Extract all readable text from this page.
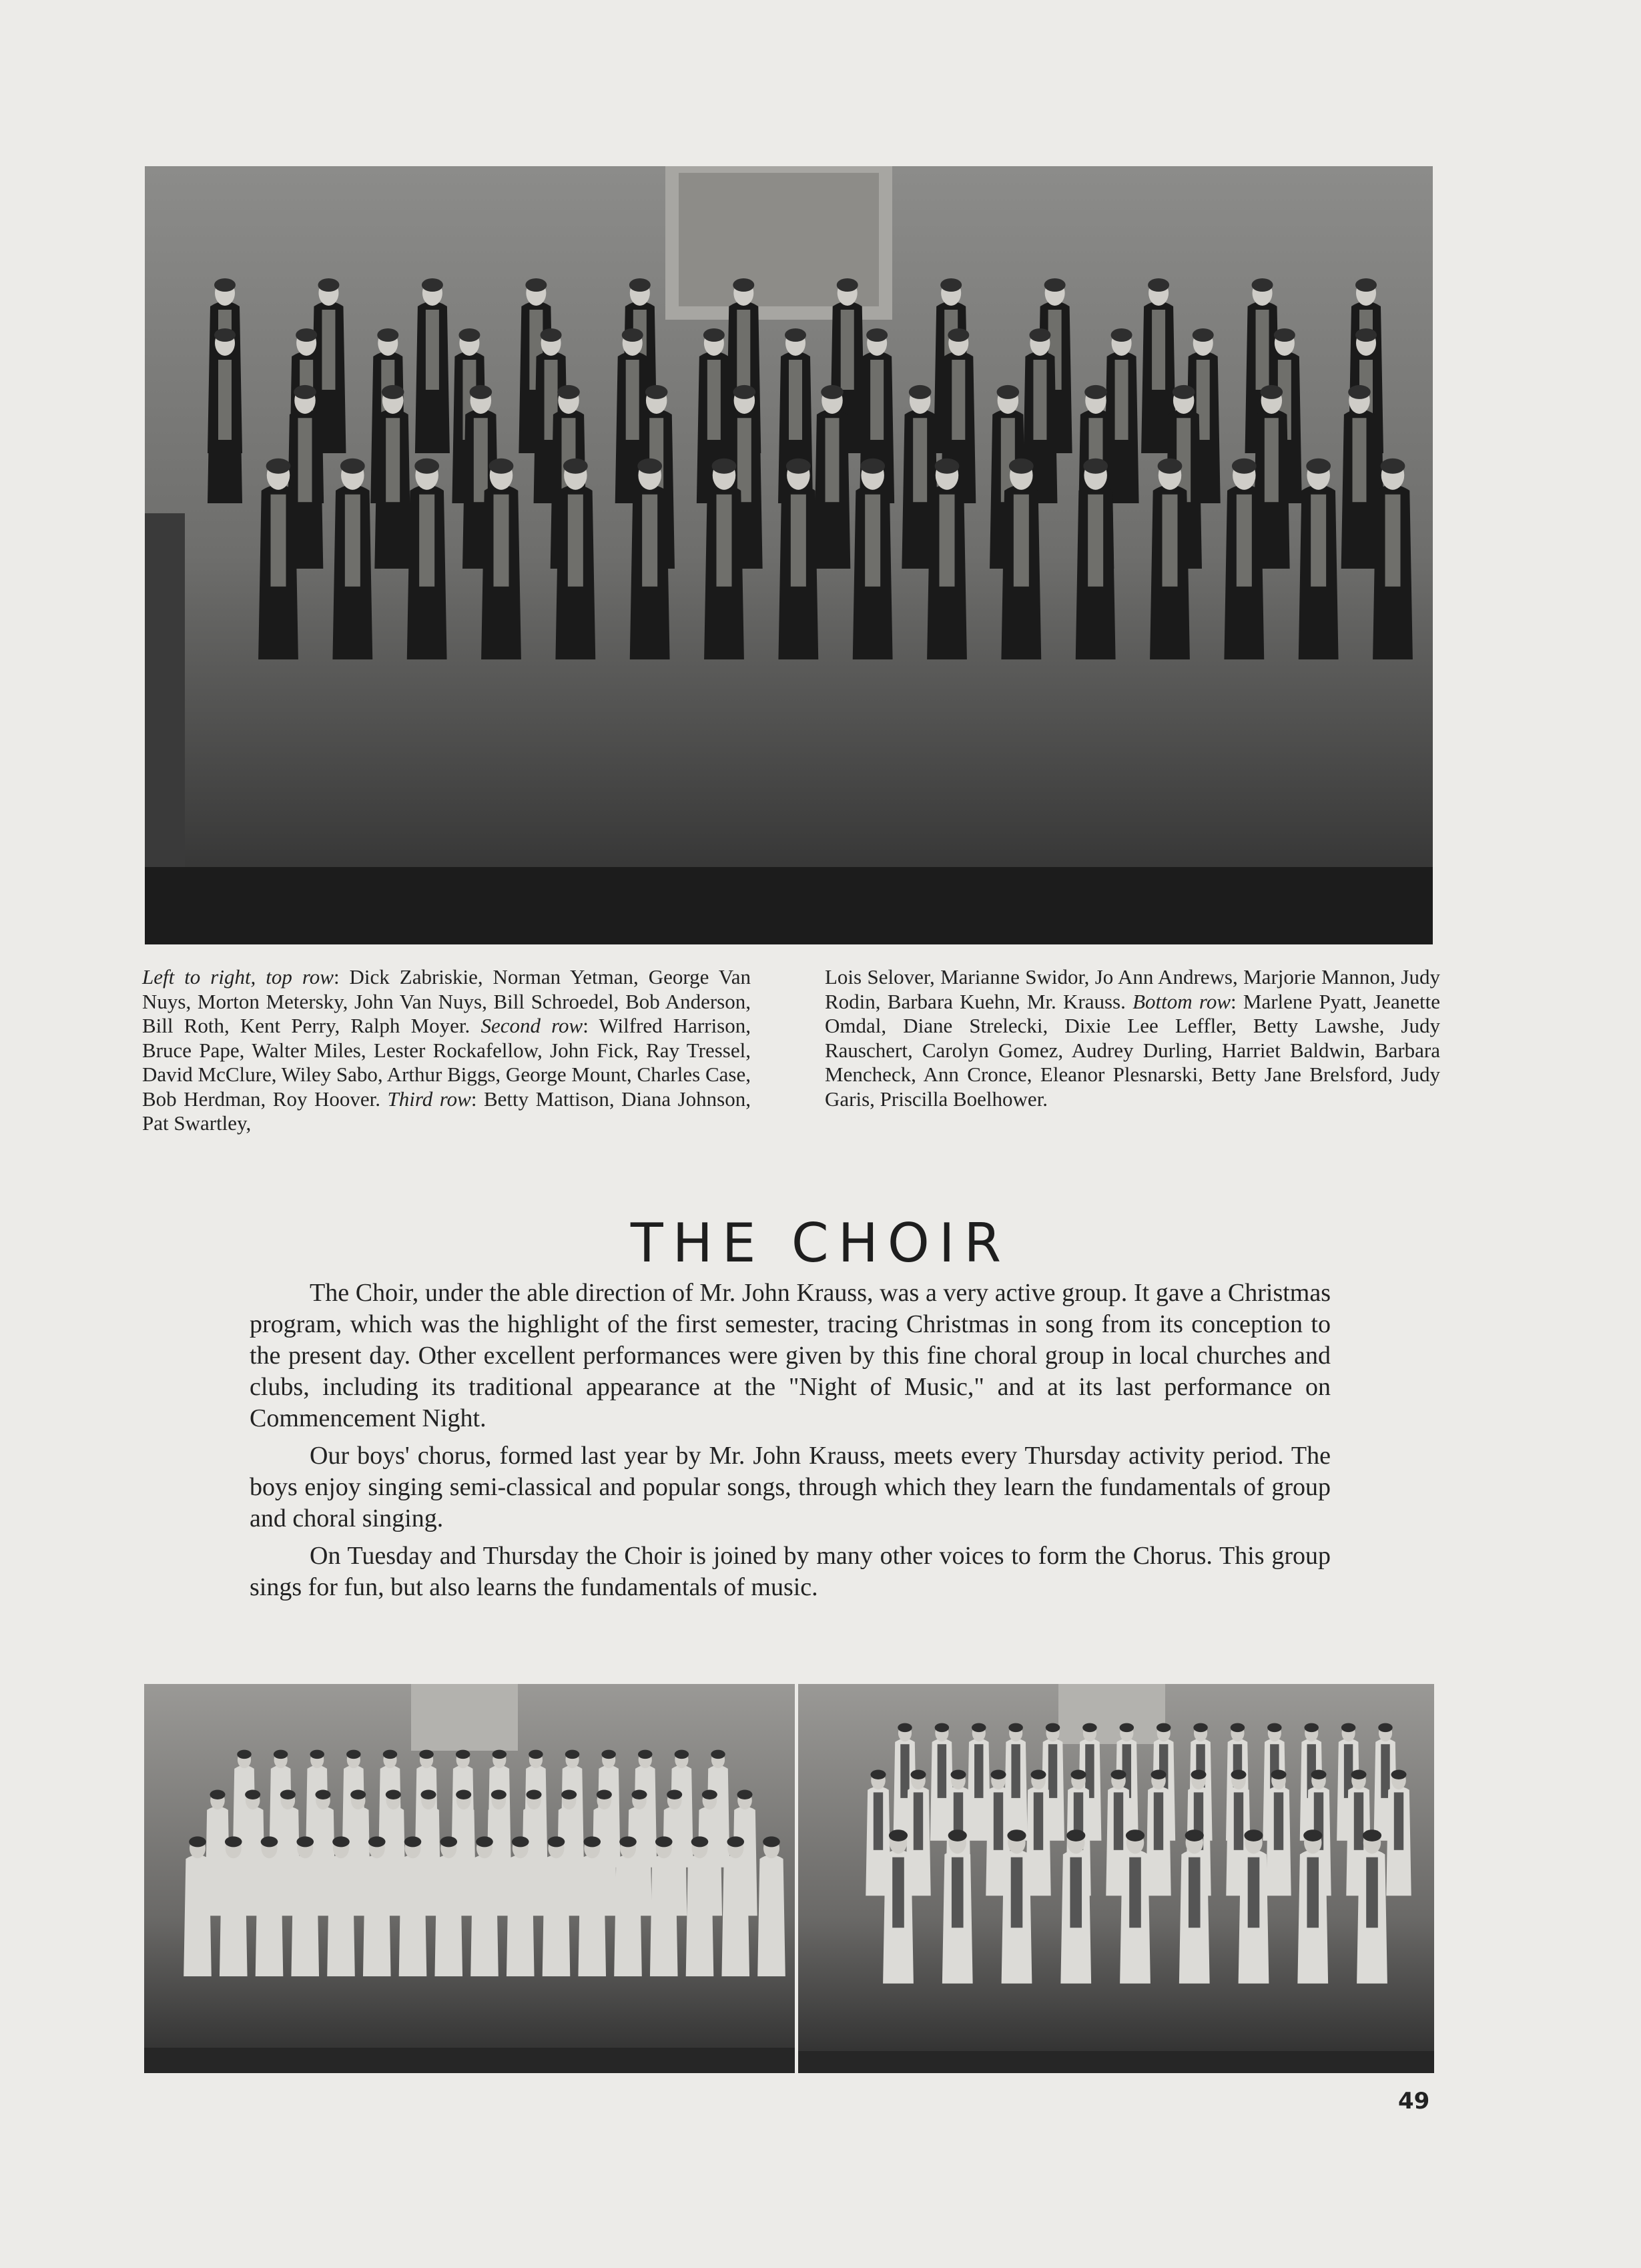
Left to right, top row: Dick Zabriskie, Norman Yetman, George Van Nuys, Morton Metersky, John Van Nuys, Bill Schroedel, Bob Anderson, Bill Roth, Kent Perry, Ralph Moyer. Second row: Wilfred Harrison, Bruce Pape, Walter Miles, Lester Rockafellow, John Fick, Ray Tressel, David McClure, Wiley Sabo, Arthur Biggs, George Mount, Charles Case, Bob Herdman, Roy Hoover. Third row: Betty Mattison, Diana Johnson, Pat Swartley,
Lois Selover, Marianne Swidor, Jo Ann Andrews, Marjorie Mannon, Judy Rodin, Barbara Kuehn, Mr. Krauss. Bottom row: Marlene Pyatt, Jeanette Omdal, Diane Strelecki, Dixie Lee Leffler, Betty Lawshe, Judy Rauschert, Carolyn Gomez, Audrey Durling, Harriet Baldwin, Barbara Mencheck, Ann Cronce, Eleanor Plesnarski, Betty Jane Brelsford, Judy Garis, Priscilla Boelhower.
THE CHOIR

The Choir, under the able direction of Mr. John Krauss, was a very active group. It gave a Christmas program, which was the highlight of the first semester, tracing Christmas in song from its conception to the present day. Other excellent performances were given by this fine choral group in local churches and clubs, including its traditional appearance at the "Night of Music," and at its last performance on Commencement Night.

Our boys' chorus, formed last year by Mr. John Krauss, meets every Thursday activity period. The boys enjoy singing semi-classical and popular songs, through which they learn the fundamentals of group and choral singing.

On Tuesday and Thursday the Choir is joined by many other voices to form the Chorus. This group sings for fun, but also learns the fundamentals of music.

49
